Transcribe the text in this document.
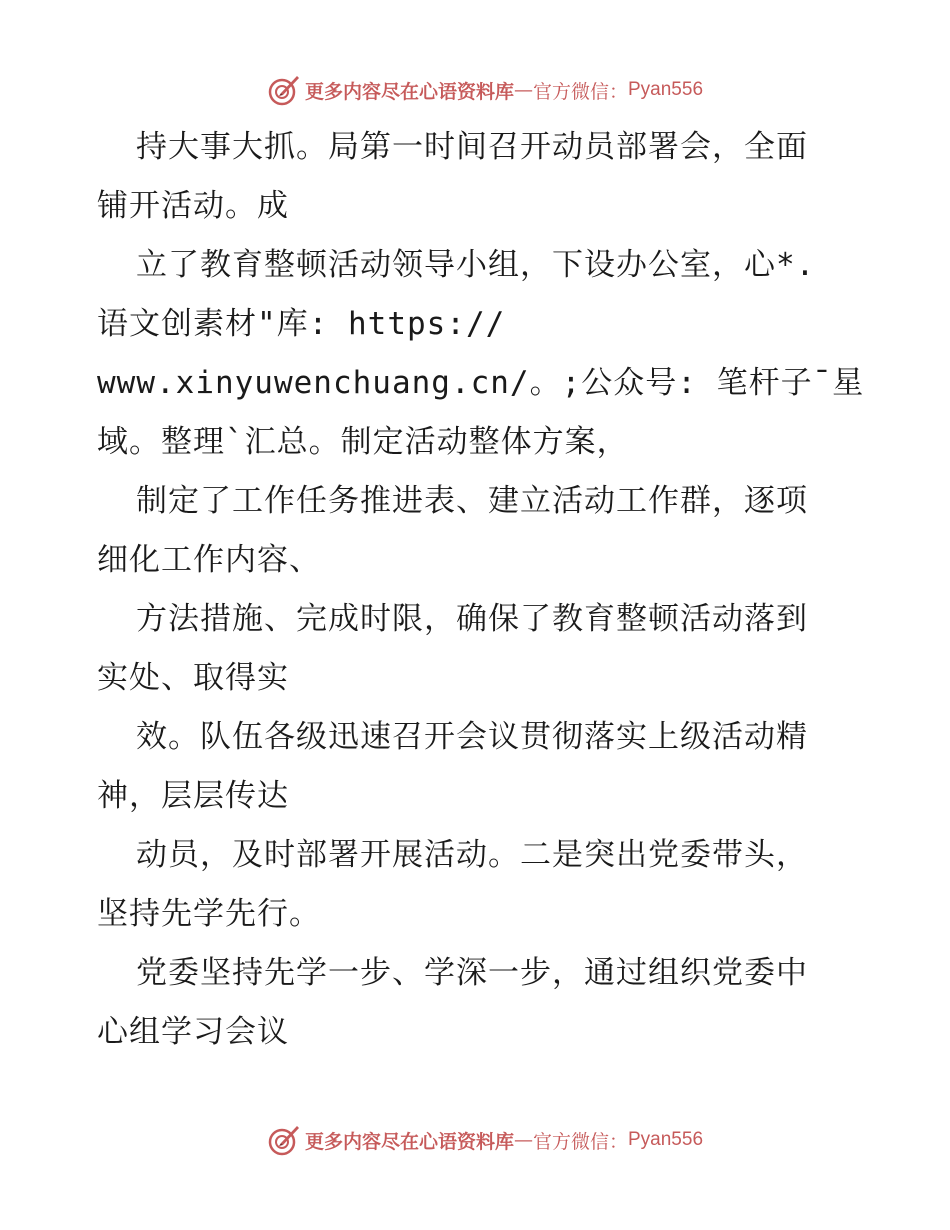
更多内容尽在心语资料库 — 官方微信： Pyan556
持大事大抓。局第一时间召开动员部署会，全面
铺开活动。成
立了教育整顿活动领导小组，下设办公室，心*.
语文创素材"库: https://
www.xinyuwenchuang.cn/。;公众号: 笔杆子¯星
域。整理`汇总。制定活动整体方案，
制定了工作任务推进表、建立活动工作群，逐项
细化工作内容、
方法措施、完成时限，确保了教育整顿活动落到
实处、取得实
效。队伍各级迅速召开会议贯彻落实上级活动精
神，层层传达
动员，及时部署开展活动。二是突出党委带头，
坚持先学先行。
党委坚持先学一步、学深一步，通过组织党委中
心组学习会议
更多内容尽在心语资料库 — 官方微信： Pyan556
